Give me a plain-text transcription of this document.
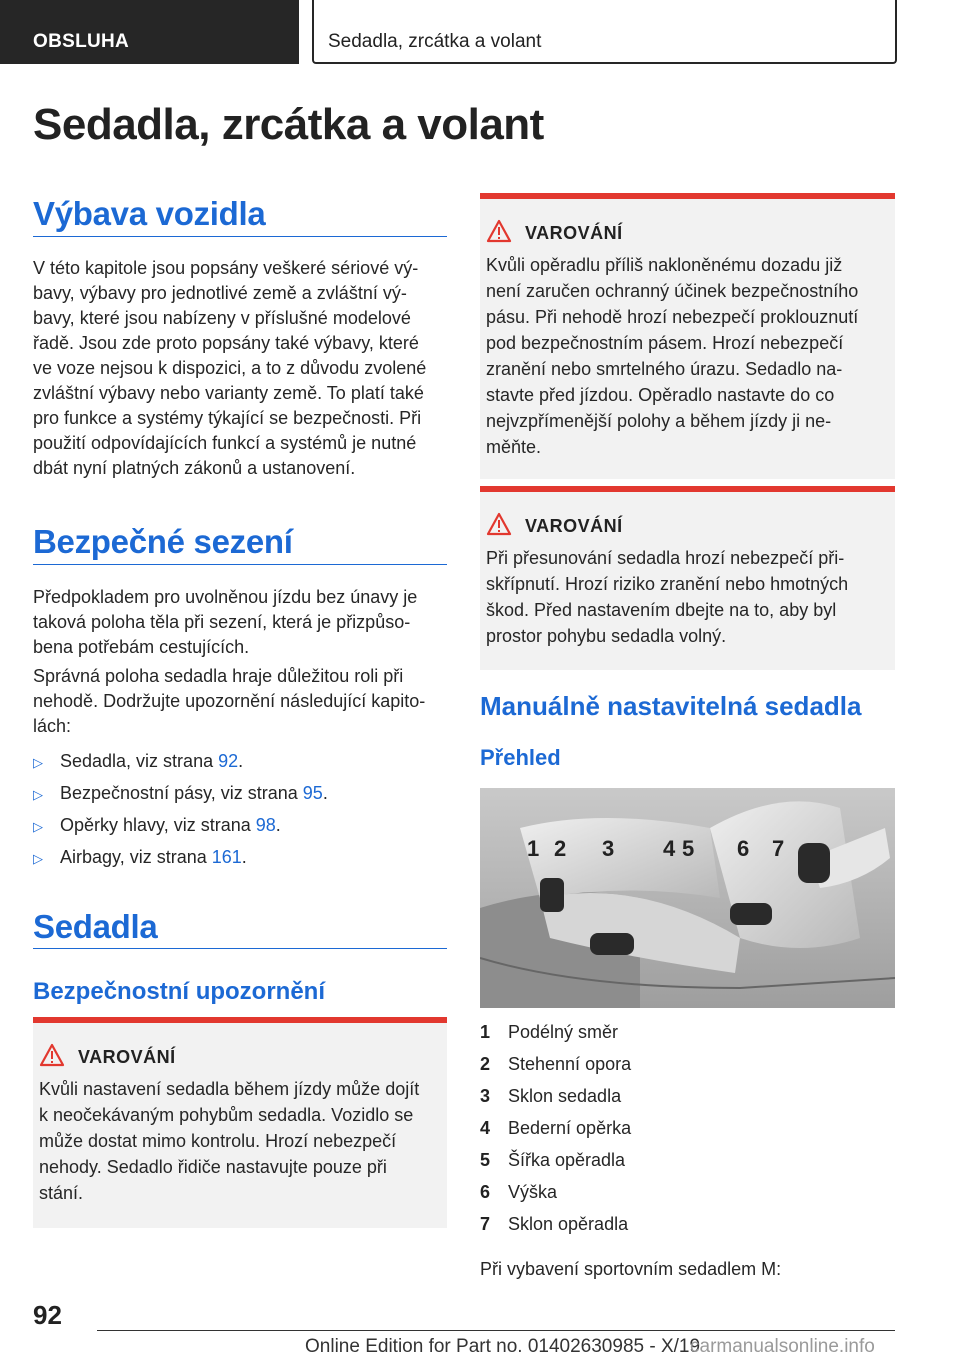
OBSLUHA	Sedadla, zrcátka a volant
Sedadla, zrcátka a volant
Výbava vozidla
V této kapitole jsou popsány veškeré sériové vý‐
bavy, výbavy pro jednotlivé země a zvláštní vý‐
bavy, které jsou nabízeny v příslušné modelové
řadě. Jsou zde proto popsány také výbavy, které
ve voze nejsou k dispozici, a to z důvodu zvolené
zvláštní výbavy nebo varianty země. To platí také
pro funkce a systémy týkající se bezpečnosti. Při
použití odpovídajících funkcí a systémů je nutné
dbát nyní platných zákonů a ustanovení.
Bezpečné sezení
Předpokladem pro uvolněnou jízdu bez únavy je
taková poloha těla při sezení, která je přizpůso‐
bena potřebám cestujících.
Správná poloha sedadla hraje důležitou roli při
nehodě. Dodržujte upozornění následující kapito‐
lách:
▷ Sedadla, viz strana 92.
▷ Bezpečnostní pásy, viz strana 95.
▷ Opěrky hlavy, viz strana 98.
▷ Airbagy, viz strana 161.
Sedadla
Bezpečnostní upozornění
VAROVÁNÍ
Kvůli nastavení sedadla během jízdy může dojít
k neočekávaným pohybům sedadla. Vozidlo se
může dostat mimo kontrolu. Hrozí nebezpečí
nehody. Sedadlo řidiče nastavujte pouze při
stání.
VAROVÁNÍ
Kvůli opěradlu příliš nakloněnému dozadu již
není zaručen ochranný účinek bezpečnostního
pásu. Při nehodě hrozí nebezpečí proklouznutí
pod bezpečnostním pásem. Hrozí nebezpečí
zranění nebo smrtelného úrazu. Sedadlo na‐
stavte před jízdou. Opěradlo nastavte do co
nejvzpřímenější polohy a během jízdy ji ne‐
měňte.
VAROVÁNÍ
Při přesunování sedadla hrozí nebezpečí při‐
skřípnutí. Hrozí riziko zranění nebo hmotných
škod. Před nastavením dbejte na to, aby byl
prostor pohybu sedadla volný.
Manuálně nastavitelná sedadla
Přehled
1 2 3 4 5 6 7
1 Podélný směr
2 Stehenní opora
3 Sklon sedadla
4 Bederní opěrka
5 Šířka opěradla
6 Výška
7 Sklon opěradla
Při vybavení sportovním sedadlem M:
92
Online Edition for Part no. 01402630985 - X/19
carmanualsonline.info
